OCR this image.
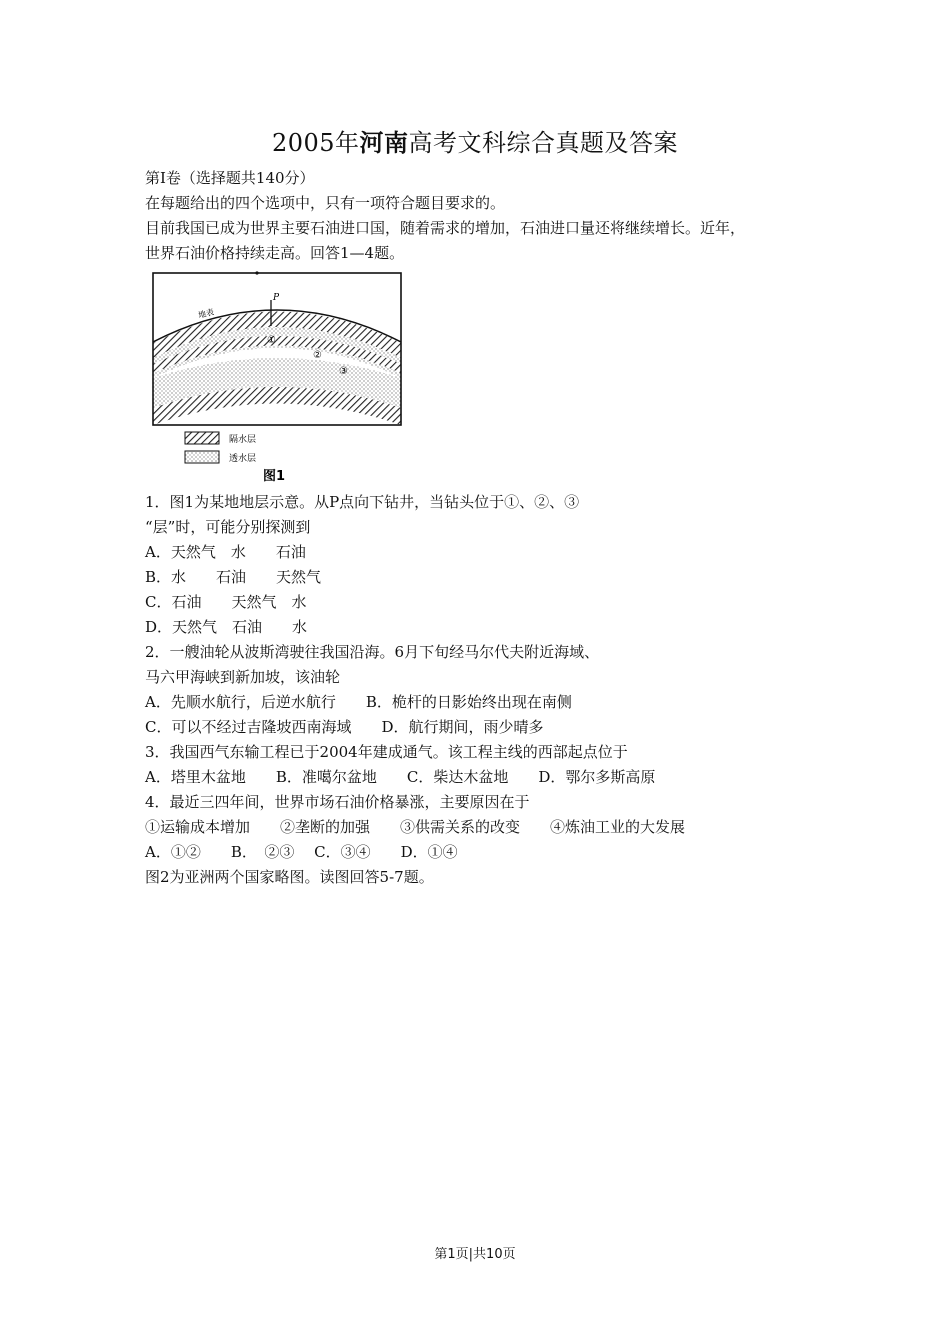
2005年河南高考文科综合真题及答案
第Ⅰ卷（选择题共140分）
在每题给出的四个选项中，只有一项符合题目要求的。
目前我国已成为世界主要石油进口国，随着需求的增加，石油进口量还将继续增长。近年，
世界石油价格持续走高。回答1—4题。
P
地表
①
②
③
隔水层
透水层
图1
1．图1为某地地层示意。从P点向下钻井，当钻头位于①、②、③
“层”时，可能分别探测到
A．天然气　水　　石油
B．水　　石油　　天然气
C．石油　　天然气　水
D．天然气　石油　　水
2．一艘油轮从波斯湾驶往我国沿海。6月下旬经马尔代夫附近海域、
马六甲海峡到新加坡，该油轮
A．先顺水航行，后逆水航行　　B．桅杆的日影始终出现在南侧
C．可以不经过吉隆坡西南海域　　D．航行期间，雨少晴多
3．我国西气东输工程已于2004年建成通气。该工程主线的西部起点位于
A．塔里木盆地　　B．准噶尔盆地　　C．柴达木盆地　　D．鄂尔多斯高原
4．最近三四年间，世界市场石油价格暴涨，主要原因在于
①运输成本增加　　②垄断的加强　　③供需关系的改变　　④炼油工业的大发展
A．①②　　B．　②③　 C．③④　　D．①④
图2为亚洲两个国家略图。读图回答5-7题。
第1页|共10页
